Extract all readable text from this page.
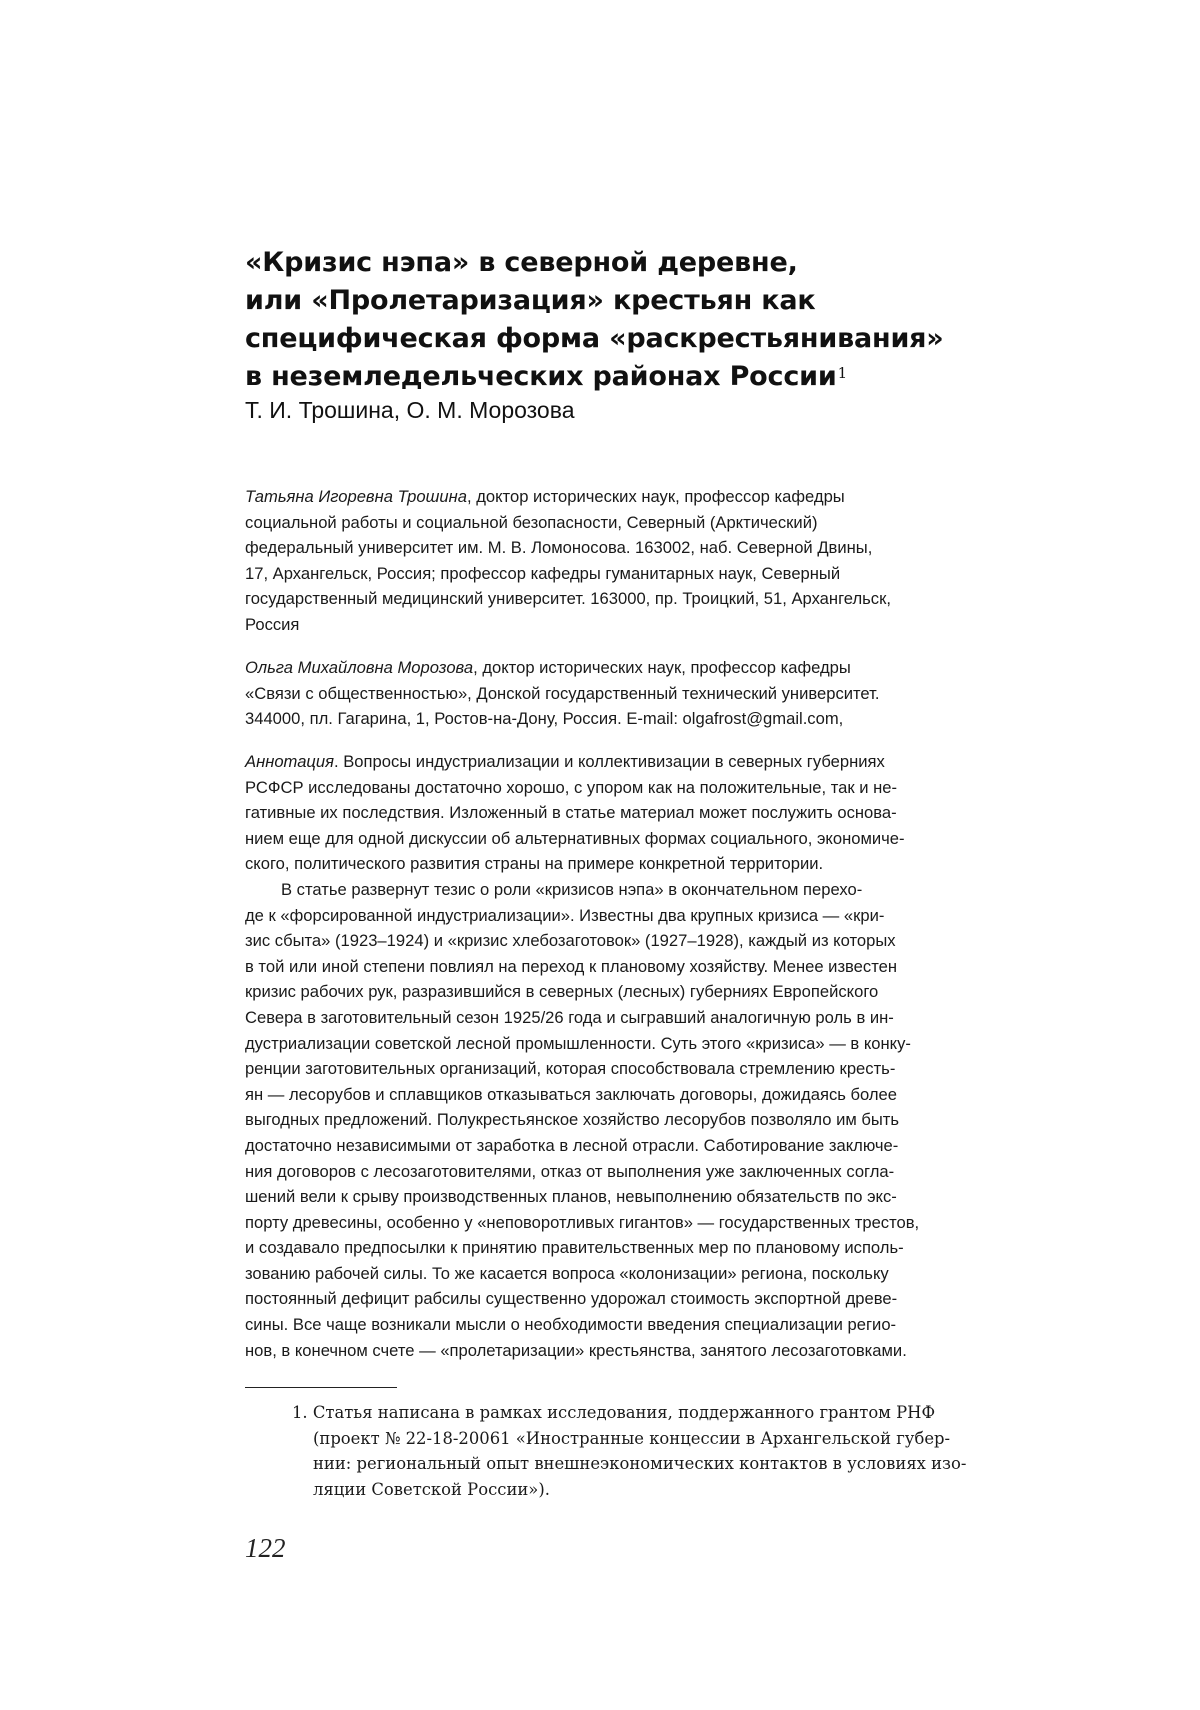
«Кризис нэпа» в северной деревне,
или «Пролетаризация» крестьян как
специфическая форма «раскрестьянивания»
в неземледельческих районах России1
Т. И. Трошина, О. М. Морозова
Татьяна Игоревна Трошина, доктор исторических наук, профессор кафедры
социальной работы и социальной безопасности, Северный (Арктический)
федеральный университет им. М. В. Ломоносова. 163002, наб. Северной Двины,
17, Архангельск, Россия; профессор кафедры гуманитарных наук, Северный
государственный медицинский университет. 163000, пр. Троицкий, 51, Архангельск,
Россия
Ольга Михайловна Морозова, доктор исторических наук, профессор кафедры
«Связи с общественностью», Донской государственный технический университет.
344000, пл. Гагарина, 1, Ростов-на-Дону, Россия. E-mail: olgafrost@gmail.com,
Аннотация. Вопросы индустриализации и коллективизации в северных губерниях
РСФСР исследованы достаточно хорошо, с упором как на положительные, так и не-
гативные их последствия. Изложенный в статье материал может послужить основа-
нием еще для одной дискуссии об альтернативных формах социального, экономиче-
ского, политического развития страны на примере конкретной территории.
В статье развернут тезис о роли «кризисов нэпа» в окончательном перехо-
де к «форсированной индустриализации». Известны два крупных кризиса — «кри-
зис сбыта» (1923–1924) и «кризис хлебозаготовок» (1927–1928), каждый из которых
в той или иной степени повлиял на переход к плановому хозяйству. Менее известен
кризис рабочих рук, разразившийся в северных (лесных) губерниях Европейского
Севера в заготовительный сезон 1925/26 года и сыгравший аналогичную роль в ин-
дустриализации советской лесной промышленности. Суть этого «кризиса» — в конку-
ренции заготовительных организаций, которая способствовала стремлению кресть-
ян — лесорубов и сплавщиков отказываться заключать договоры, дожидаясь более
выгодных предложений. Полукрестьянское хозяйство лесорубов позволяло им быть
достаточно независимыми от заработка в лесной отрасли. Саботирование заключе-
ния договоров с лесозаготовителями, отказ от выполнения уже заключенных согла-
шений вели к срыву производственных планов, невыполнению обязательств по экс-
порту древесины, особенно у «неповоротливых гигантов» — государственных трестов,
и создавало предпосылки к принятию правительственных мер по плановому исполь-
зованию рабочей силы. То же касается вопроса «колонизации» региона, поскольку
постоянный дефицит рабсилы существенно удорожал стоимость экспортной древе-
сины. Все чаще возникали мысли о необходимости введения специализации регио-
нов, в конечном счете — «пролетаризации» крестьянства, занятого лесозаготовками.
1. Статья написана в рамках исследования, поддержанного грантом РНФ
(проект № 22-18-20061 «Иностранные концессии в Архангельской губер-
нии: региональный опыт внешнеэкономических контактов в условиях изо-
ляции Советской России»).
122
